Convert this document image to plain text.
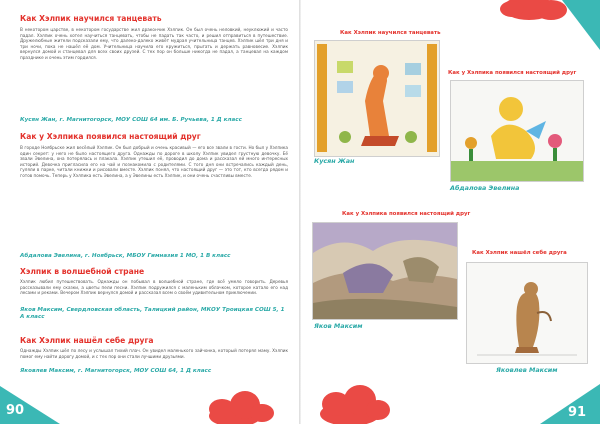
Как Хэлпик научился танцевать

В некотором царстве, в некотором государстве жил дракончик Хэлпик. Он был очень неловкий, неуклюжий и часто падал. Хэлпик очень хотел научиться танцевать, чтобы не падать так часто, и решил отправиться в путешествие. Дружелюбные жители подсказали ему, что далеко-далеко живёт мудрая учительница танцев. Хэлпик шёл три дня и три ночи, пока не нашёл её дом. Учительница научила его кружиться, прыгать и держать равновесие. Хэлпик вернулся домой и станцевал для всех своих друзей. С тех пор он больше никогда не падал, а танцевал на каждом празднике и очень этим гордился.

Кусян Жан, г. Магнитогорск, МОУ СОШ 64 им. Б. Ручьева, 1 Д класс

Как у Хэлпика появился настоящий друг

В городе Ноябрьске жил весёлый Хэлпик. Он был добрый и очень красивый — его все звали в гости. Но был у Хэлпика один секрет: у него не было настоящего друга. Однажды по дороге в школу Хэлпик увидел грустную девочку. Её звали Эвелина, она потерялась и плакала. Хэлпик утешил её, проводил до дома и рассказал ей много интересных историй. Девочка пригласила его на чай и познакомила с родителями. С того дня они встречались каждый день, гуляли в парке, читали книжки и рисовали вместе. Хэлпик понял, что настоящий друг — это тот, кто всегда рядом и готов помочь. Теперь у Хэлпика есть Эвелина, а у Эвелины есть Хэлпик, и они очень счастливы вместе.

Абдалова Эвелина, г. Ноябрьск, МБОУ Гимназия 1 МО, 1 В класс

Хэлпик в волшебной стране

Хэлпик любил путешествовать. Однажды он побывал в волшебной стране, где всё умело говорить. Деревья рассказывали ему сказки, а цветы пели песни. Хэлпик подружился с маленьким облачком, которое катало его над лесами и реками. Вечером Хэлпик вернулся домой и рассказал всем о своём удивительном приключении.

Яков Максим, Свердловская область, Талицкий район, МКОУ Троицкая СОШ 5, 1 А класс

Как Хэлпик нашёл себе друга

Однажды Хэлпик шёл по лесу и услышал тихий плач. Он увидел маленького зайчонка, который потерял маму. Хэлпик помог ему найти дорогу домой, и с тех пор они стали лучшими друзьями.

Яковлев Максим, г. Магнитогорск, МОУ СОШ 64, 1 Д класс

90
Как Хэлпик научился танцевать
Кусян Жан
Как у Хэлпика появился настоящий друг
Абдалова Эвелина
Как у Хэлпика появился настоящий друг
Яков Максим
Как Хэлпик нашёл себе друга
Яковлев Максим
91
